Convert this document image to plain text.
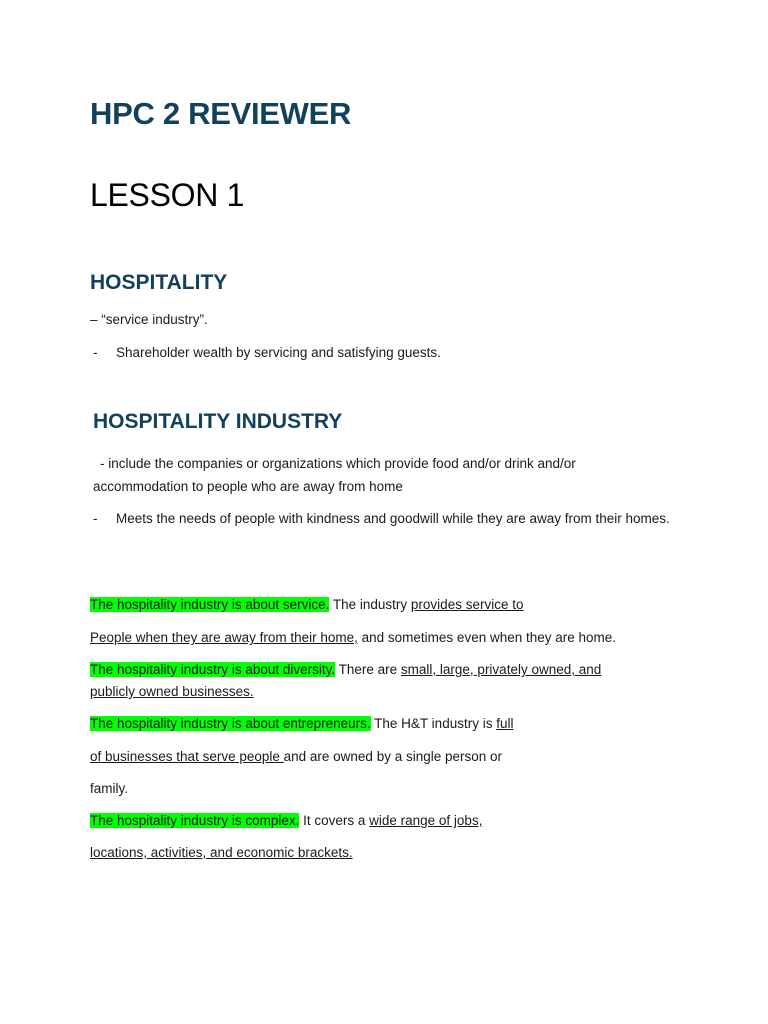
HPC 2 REVIEWER
LESSON 1
HOSPITALITY

– “service industry”.

-	Shareholder wealth by servicing and satisfying guests.
HOSPITALITY INDUSTRY

- include the companies or organizations which provide food and/or drink and/or

accommodation to people who are away from home

-	Meets the needs of people with kindness and goodwill while they are away from their homes.

The hospitality industry is about service. The industry provides service to

People when they are away from their home, and sometimes even when they are home.

The hospitality industry is about diversity. There are small, large, privately owned, and

publicly owned businesses.

The hospitality industry is about entrepreneurs. The H&T industry is full

of businesses that serve people and are owned by a single person or

family.

The hospitality industry is complex. It covers a wide range of jobs,

locations, activities, and economic brackets.
